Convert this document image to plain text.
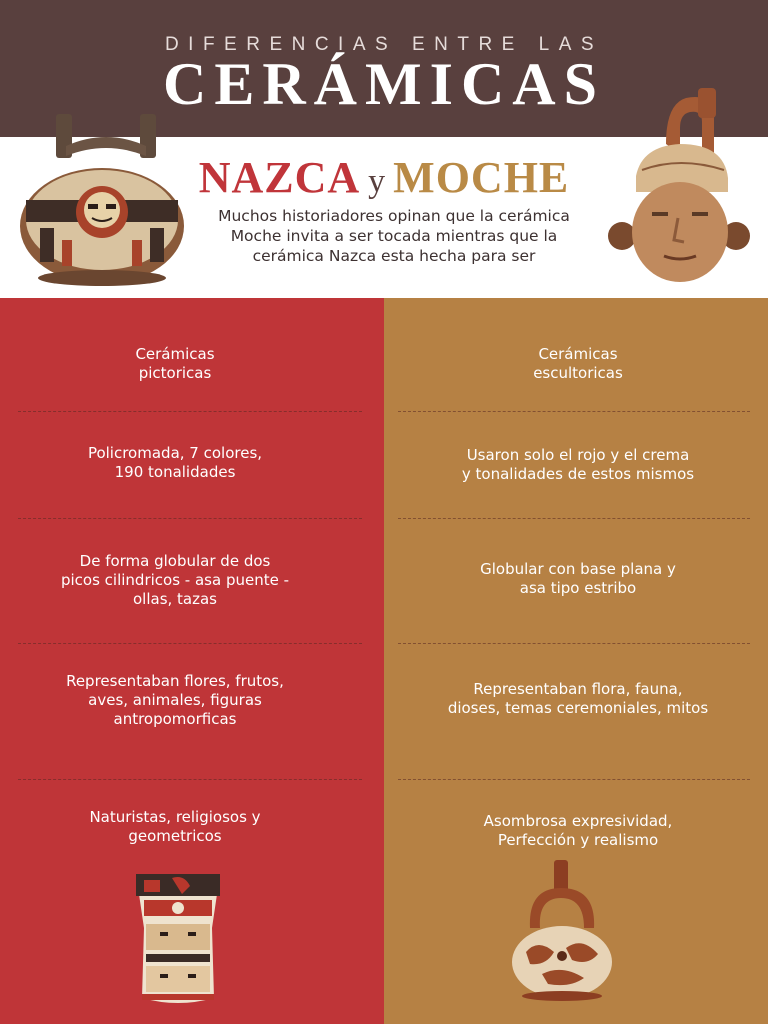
DIFERENCIAS ENTRE LAS
CERÁMICAS
NAZCA y MOCHE
Muchos historiadores opinan que la cerámica
Moche invita a ser tocada mientras que la
cerámica Nazca esta hecha para ser
Cerámicas
pictoricas
Policromada, 7 colores,
190 tonalidades
De forma globular de dos
picos cilindricos - asa puente -
ollas, tazas
Representaban flores, frutos,
aves, animales, figuras
antropomorficas
Naturistas, religiosos y
geometricos
Cerámicas
escultoricas
Usaron solo el rojo y el crema
y tonalidades de estos mismos
Globular con base plana y
asa tipo estribo
Representaban flora, fauna,
dioses, temas ceremoniales, mitos
Asombrosa expresividad,
Perfección y realismo
